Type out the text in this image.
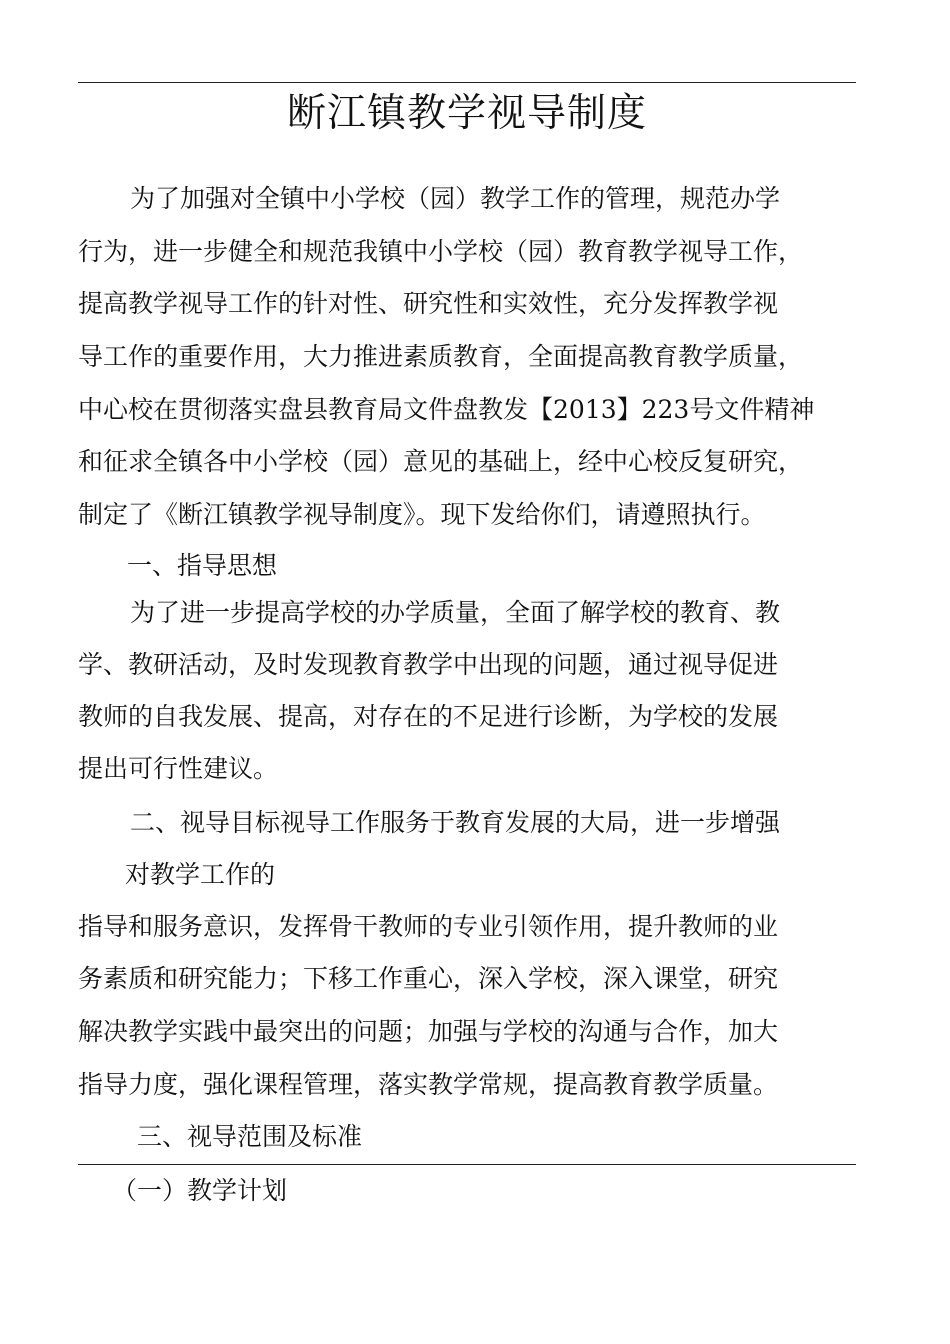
断江镇教学视导制度
　为了加强对全镇中小学校（园）教学工作的管理，规范办学
行为，进一步健全和规范我镇中小学校（园）教育教学视导工作，
提高教学视导工作的针对性、研究性和实效性，充分发挥教学视
导工作的重要作用，大力推进素质教育，全面提高教育教学质量，
中心校在贯彻落实盘县教育局文件盘教发【2013】223号文件精神
和征求全镇各中小学校（园）意见的基础上，经中心校反复研究，
制定了《断江镇教学视导制度》。现下发给你们，请遵照执行。
一、指导思想
　为了进一步提高学校的办学质量，全面了解学校的教育、教
学、教研活动，及时发现教育教学中出现的问题，通过视导促进
教师的自我发展、提高，对存在的不足进行诊断，为学校的发展
提出可行性建议。
　二、视导目标视导工作服务于教育发展的大局，进一步增强
对教学工作的
指导和服务意识，发挥骨干教师的专业引领作用，提升教师的业
务素质和研究能力；下移工作重心，深入学校，深入课堂，研究
解决教学实践中最突出的问题；加强与学校的沟通与合作，加大
指导力度，强化课程管理，落实教学常规，提高教育教学质量。
　三、视导范围及标准
（一）教学计划
